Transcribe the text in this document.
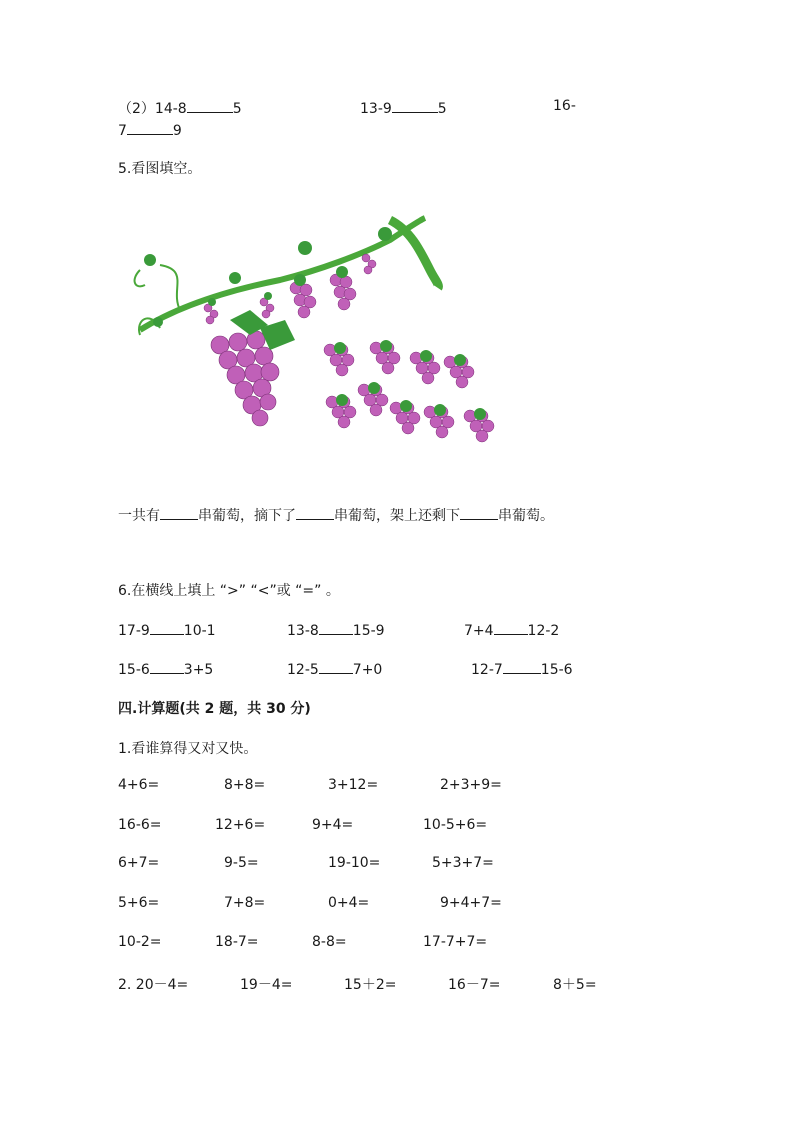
（2）14-8	5	13-9	5	16-
7	9
5.看图填空。
一共有	串葡萄，摘下了	串葡萄，架上还剩下	串葡萄。
6.在横线上填上 “>” “<”或 “=” 。
17-9 10-1	13-8 15-9	7+4 12-2
15-6 3+5	12-5 7+0	12-7	15-6
四.计算题(共 2 题，共 30 分)
1.看谁算得又对又快。
4+6=	8+8=	3+12=	2+3+9=
16-6=	12+6=	9+4=	10-5+6=
6+7=	9-5=	19-10=	5+3+7=
5+6=	7+8=	0+4=	9+4+7=
10-2=	18-7=	8-8=	17-7+7=
2. 20－4=	19－4=	15＋2=	16－7=	8＋5=
